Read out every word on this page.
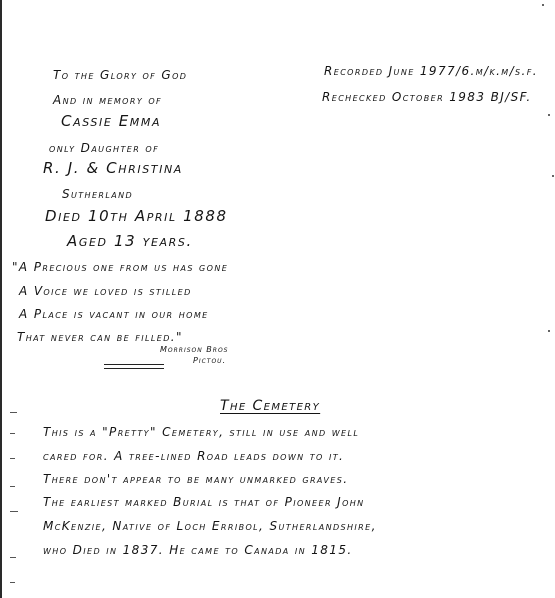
Recorded June 1977/6.m/k.m/s.f.
Rechecked October 1983 BJ/SF.
To the Glory of God
And in memory of
Cassie Emma
only Daughter of
R. J. & Christina
Sutherland
Died 10th April 1888
Aged 13 years.
"A Precious one from us has gone
A Voice we loved is stilled
A Place is vacant in our home
That never can be filled."
Morrison Bros
Pictou.
The Cemetery
This is a "Pretty" Cemetery, still in use and well
cared for. A tree-lined Road leads down to it.
There don't appear to be many unmarked graves.
The earliest marked Burial is that of Pioneer John
McKenzie, Native of Loch Erribol, Sutherlandshire,
who Died in 1837. He came to Canada in 1815.
